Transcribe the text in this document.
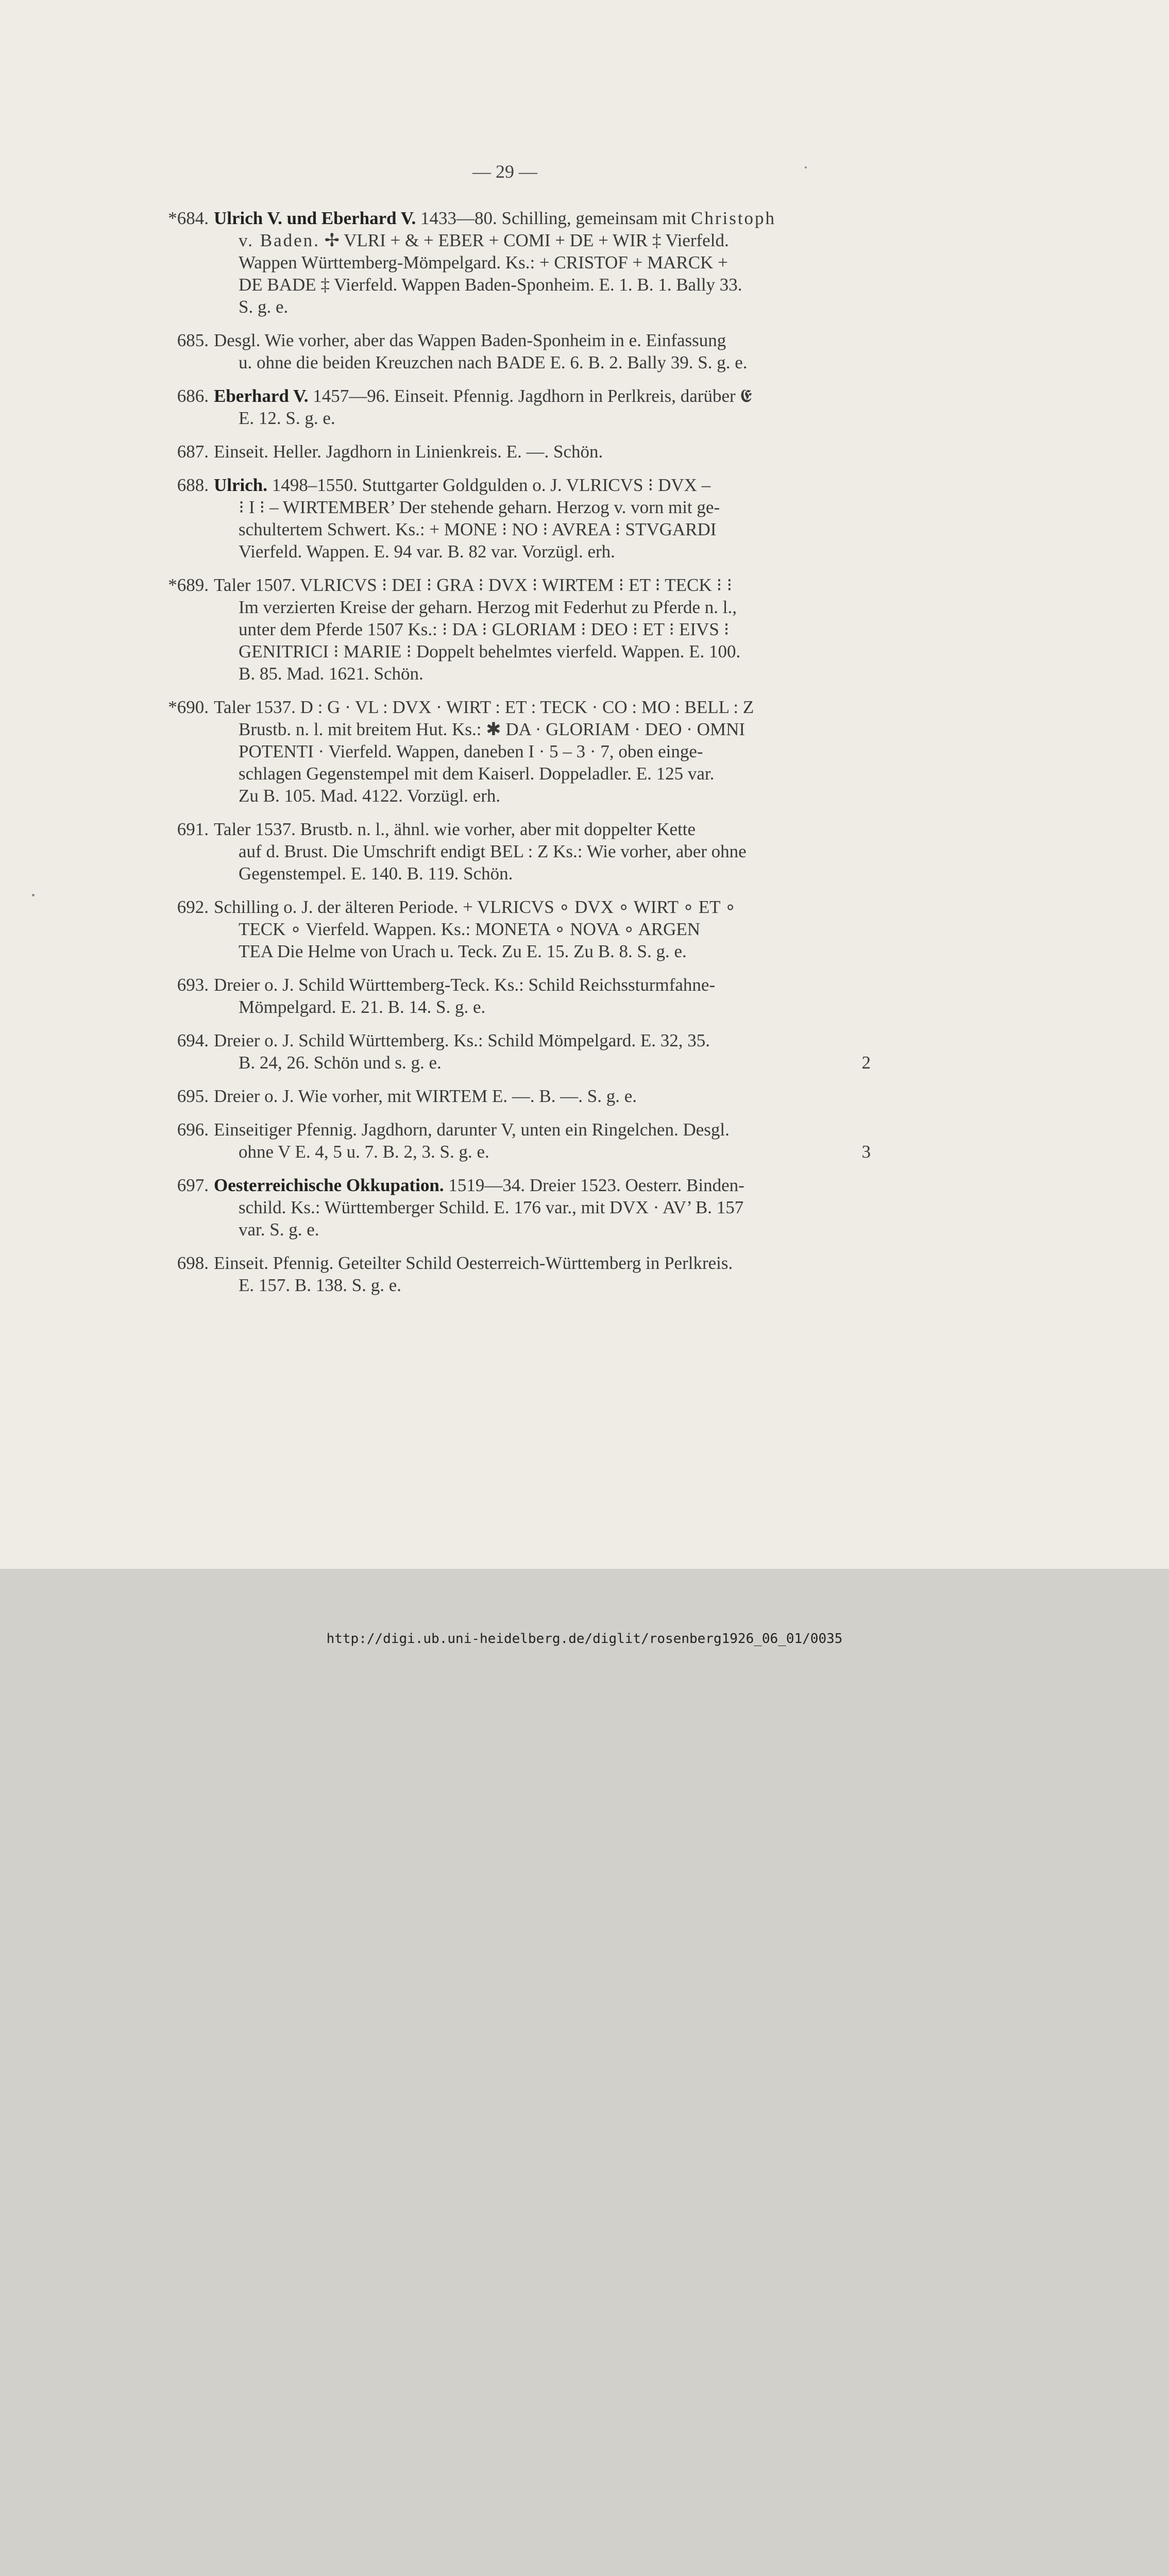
— 29 —
*684. Ulrich V. und Eberhard V. 1433—80. Schilling, gemeinsam mit Christoph
v. Baden. ✢ VLRI + & + EBER + COMI + DE + WIR ‡ Vierfeld.
Wappen Württemberg-Mömpelgard. Ks.: + CRISTOF + MARCK +
DE BADE ‡ Vierfeld. Wappen Baden-Sponheim. E. 1. B. 1. Bally 33.
S. g. e.
685. Desgl. Wie vorher, aber das Wappen Baden-Sponheim in e. Einfassung
u. ohne die beiden Kreuzchen nach BADE E. 6. B. 2. Bally 39. S. g. e.
686. Eberhard V. 1457—96. Einseit. Pfennig. Jagdhorn in Perlkreis, darüber 𝕰
E. 12. S. g. e.
687. Einseit. Heller. Jagdhorn in Linienkreis. E. —. Schön.
688. Ulrich. 1498–1550. Stuttgarter Goldgulden o. J. VLRICVS ⁝ DVX –
⁝ I ⁝ – WIRTEMBER’ Der stehende geharn. Herzog v. vorn mit ge-
schultertem Schwert. Ks.: + MONE ⁝ NO ⁝ AVREA ⁝ STVGARDI
Vierfeld. Wappen. E. 94 var. B. 82 var. Vorzügl. erh.
*689. Taler 1507. VLRICVS ⁝ DEI ⁝ GRA ⁝ DVX ⁝ WIRTEM ⁝ ET ⁝ TECK ⁝ ⁝
Im verzierten Kreise der geharn. Herzog mit Federhut zu Pferde n. l.,
unter dem Pferde 1507 Ks.: ⁝ DA ⁝ GLORIAM ⁝ DEO ⁝ ET ⁝ EIVS ⁝
GENITRICI ⁝ MARIE ⁝ Doppelt behelmtes vierfeld. Wappen. E. 100.
B. 85. Mad. 1621. Schön.
*690. Taler 1537. D : G · VL : DVX · WIRT : ET : TECK · CO : MO : BELL : Z
Brustb. n. l. mit breitem Hut. Ks.: ✱ DA · GLORIAM · DEO · OMNI
POTENTI · Vierfeld. Wappen, daneben I · 5 – 3 · 7, oben einge-
schlagen Gegenstempel mit dem Kaiserl. Doppeladler. E. 125 var.
Zu B. 105. Mad. 4122. Vorzügl. erh.
691. Taler 1537. Brustb. n. l., ähnl. wie vorher, aber mit doppelter Kette
auf d. Brust. Die Umschrift endigt BEL : Z Ks.: Wie vorher, aber ohne
Gegenstempel. E. 140. B. 119. Schön.
692. Schilling o. J. der älteren Periode. + VLRICVS ∘ DVX ∘ WIRT ∘ ET ∘
TECK ∘ Vierfeld. Wappen. Ks.: MONETA ∘ NOVA ∘ ARGEN
TEA Die Helme von Urach u. Teck. Zu E. 15. Zu B. 8. S. g. e.
693. Dreier o. J. Schild Württemberg-Teck. Ks.: Schild Reichssturmfahne-
Mömpelgard. E. 21. B. 14. S. g. e.
694. Dreier o. J. Schild Württemberg. Ks.: Schild Mömpelgard. E. 32, 35.
B. 24, 26. Schön und s. g. e.	2
695. Dreier o. J. Wie vorher, mit WIRTEM E. —. B. —. S. g. e.
696. Einseitiger Pfennig. Jagdhorn, darunter V, unten ein Ringelchen. Desgl.
ohne V E. 4, 5 u. 7. B. 2, 3. S. g. e.	3
697. Oesterreichische Okkupation. 1519—34. Dreier 1523. Oesterr. Binden-
schild. Ks.: Württemberger Schild. E. 176 var., mit DVX · AV’ B. 157
var. S. g. e.
698. Einseit. Pfennig. Geteilter Schild Oesterreich-Württemberg in Perlkreis.
E. 157. B. 138. S. g. e.
http://digi.ub.uni-heidelberg.de/diglit/rosenberg1926_06_01/0035
